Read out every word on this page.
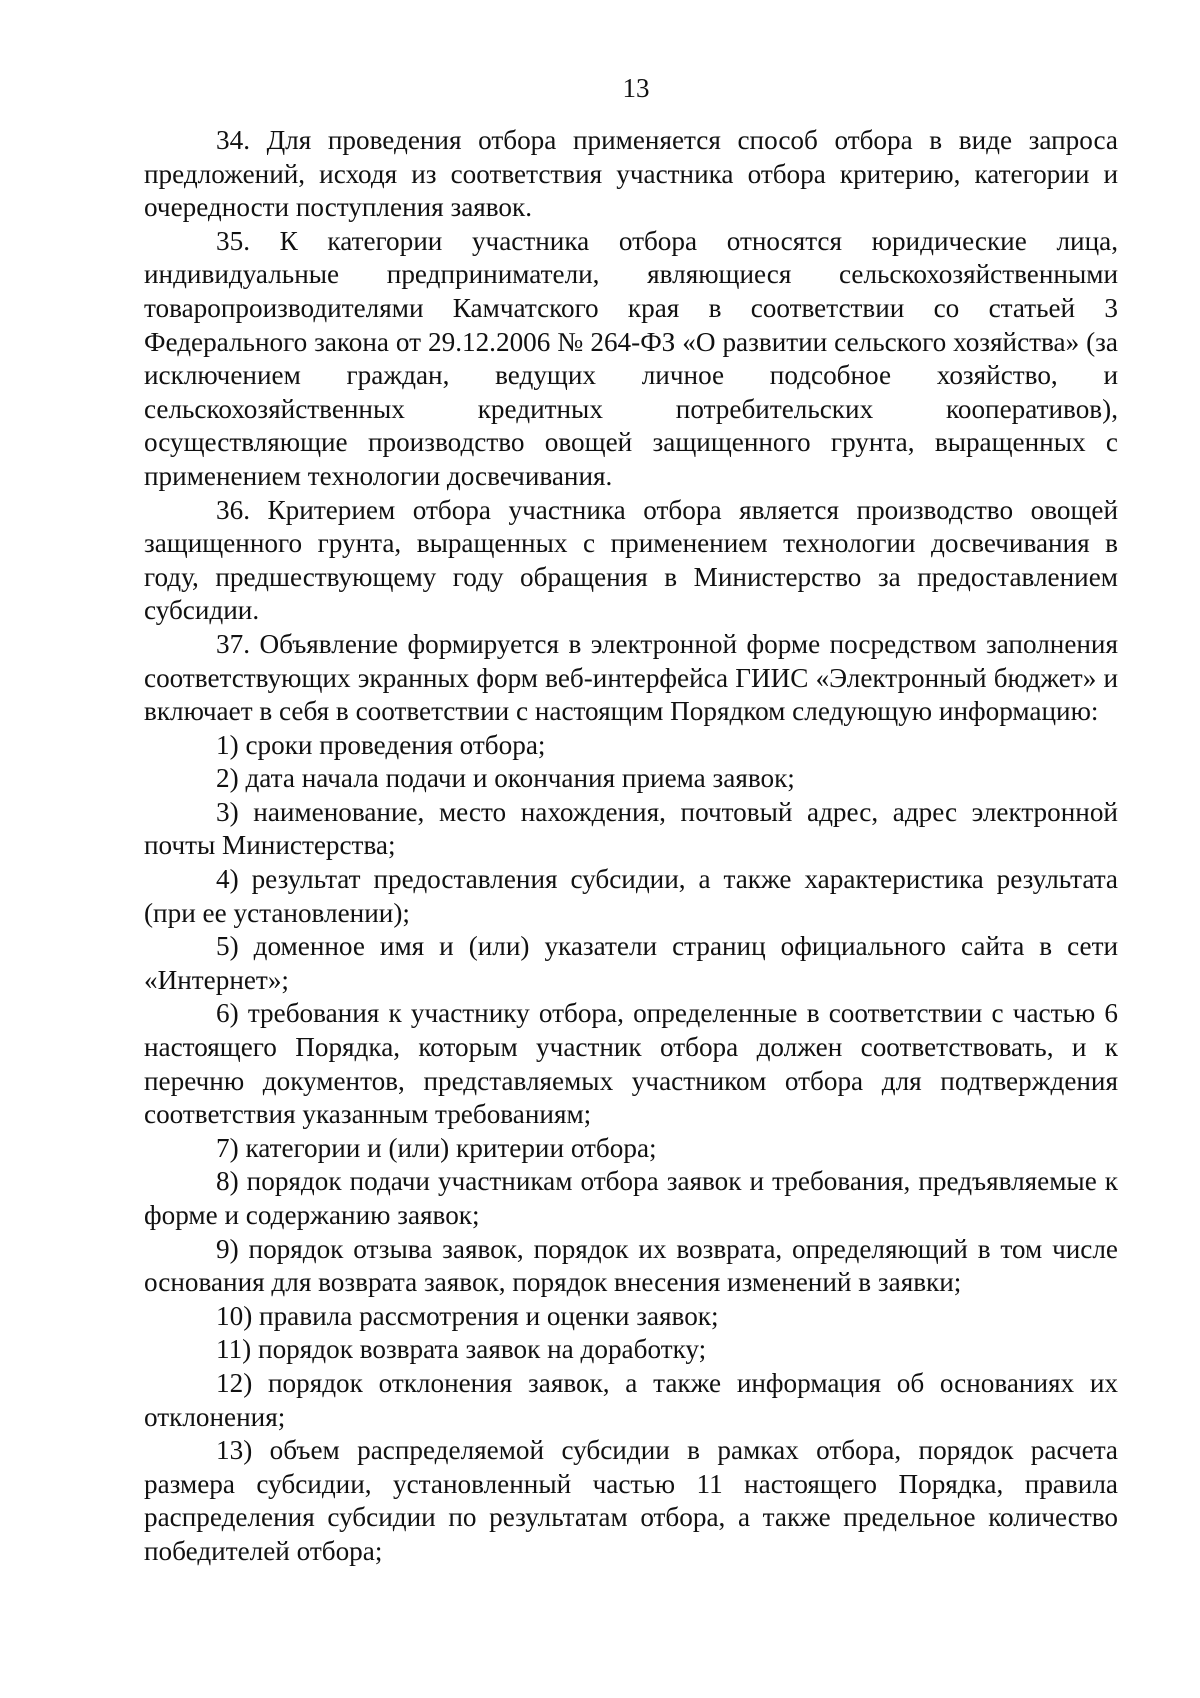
13

34. Для проведения отбора применяется способ отбора в виде запроса предложений, исходя из соответствия участника отбора критерию, категории и очередности поступления заявок.

35. К категории участника отбора относятся юридические лица, индивидуальные предприниматели, являющиеся сельскохозяйственными товаропроизводителями Камчатского края в соответствии со статьей 3 Федерального закона от 29.12.2006 № 264-ФЗ «О развитии сельского хозяйства» (за исключением граждан, ведущих личное подсобное хозяйство, и сельскохозяйственных кредитных потребительских кооперативов), осуществляющие производство овощей защищенного грунта, выращенных с применением технологии досвечивания.

36. Критерием отбора участника отбора является производство овощей защищенного грунта, выращенных с применением технологии досвечивания в году, предшествующему году обращения в Министерство за предоставлением субсидии.

37. Объявление формируется в электронной форме посредством заполнения соответствующих экранных форм веб-интерфейса ГИИС «Электронный бюджет» и включает в себя в соответствии с настоящим Порядком следующую информацию:

1) сроки проведения отбора;

2) дата начала подачи и окончания приема заявок;

3) наименование, место нахождения, почтовый адрес, адрес электронной почты Министерства;

4) результат предоставления субсидии, а также характеристика результата (при ее установлении);

5) доменное имя и (или) указатели страниц официального сайта в сети «Интернет»;

6) требования к участнику отбора, определенные в соответствии с частью 6 настоящего Порядка, которым участник отбора должен соответствовать, и к перечню документов, представляемых участником отбора для подтверждения соответствия указанным требованиям;

7) категории и (или) критерии отбора;

8) порядок подачи участникам отбора заявок и требования, предъявляемые к форме и содержанию заявок;

9) порядок отзыва заявок, порядок их возврата, определяющий в том числе основания для возврата заявок, порядок внесения изменений в заявки;

10) правила рассмотрения и оценки заявок;

11) порядок возврата заявок на доработку;

12) порядок отклонения заявок, а также информация об основаниях их отклонения;

13) объем распределяемой субсидии в рамках отбора, порядок расчета размера субсидии, установленный частью 11 настоящего Порядка, правила распределения субсидии по результатам отбора, а также предельное количество победителей отбора;
